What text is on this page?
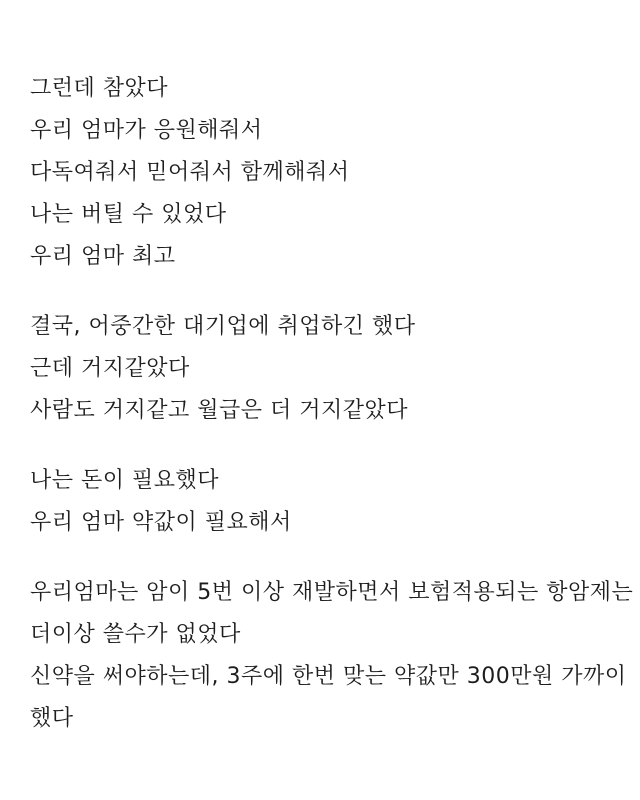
그런데 참았다
우리 엄마가 응원해줘서
다독여줘서 믿어줘서 함께해줘서
나는 버틸 수 있었다
우리 엄마 최고
결국, 어중간한 대기업에 취업하긴 했다
근데 거지같았다
사람도 거지같고 월급은 더 거지같았다
나는 돈이 필요했다
우리 엄마 약값이 필요해서
우리엄마는 암이 5번 이상 재발하면서 보험적용되는 항암제는
더이상 쓸수가 없었다
신약을 써야하는데, 3주에 한번 맞는 약값만 300만원 가까이
했다
